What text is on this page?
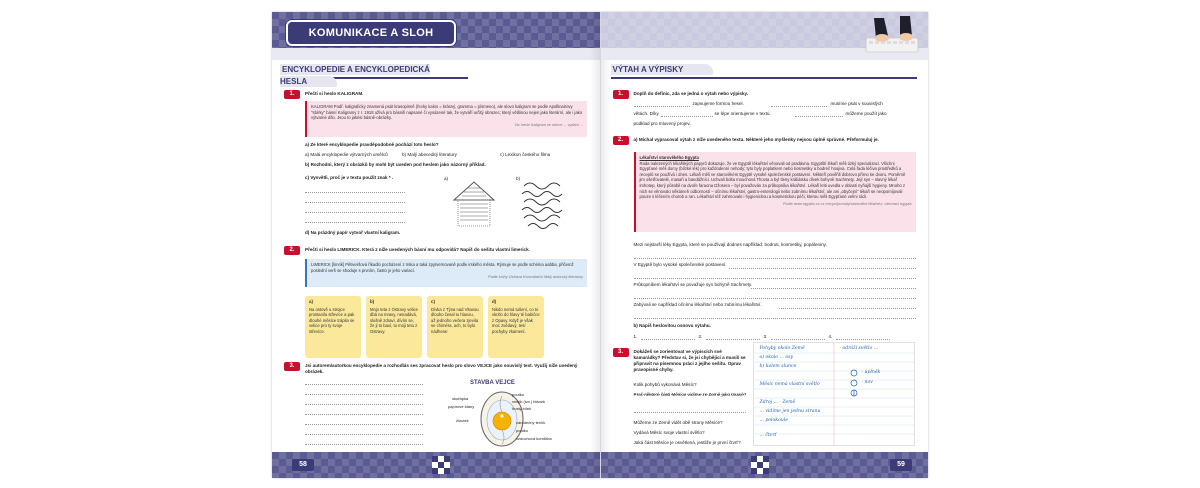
KOMUNIKACE A SLOH
ENCYKLOPEDIE A ENCYKLOPEDICKÁ HESLA
1.	Přečti si heslo KALIGRAM.
KALIGRAM Podř. kaligraficky znamená psát krasopisně (řecky kalos = krásný, gramma = písmeno), ale slovo kaligram se podle Apollinairovy "sbírky" básní Kaligramy z r. 1918 užívá pro básnifi napsané či vysázené tak, že vytváří určitý obrazec; který většinou nejen jako literární, ale i jako výtvarné dílo. Jsou to jakési básně-obrázky.
Viz heslo Kaligram ve sbírce ... vydání ...
a) Ze které encyklopedie pravděpodobně pochází toto heslo?
a) Malá encyklopedie výtvarných umělců	b) Malý abeceditý literatury	c) Lexikon českého filmu
b) Rozhodni, který z obrázků by mohl být uveden pod heslem jako názorný příklad.
c) Vysvětli, proč je v textu použit znak * .	a)	b)
d) Na prázdný papír vytvoř vlastní kaligram.
2.	Přečti si heslo LIMERICK. Která z níže uvedených básní mu odpovídá? Napiš do sešitu vlastní limerick.
LIMERICK [limrik] Pětiveršová říkadlo pocházení z Irska a taká zpytvernovaně podle irského města. Rýmuje se podle schéma aabba, přičemž poslední verš se shoduje s prvním, často je jeho variací.
Podle knihy Ostrava Konzultační Malý autorský literatury
a)
Na ostově u strojce prostanila střevíce a pak dlouhé měsíce trápila se velice pro ty svoje střevíce.
b)
Mojo teta z Ostravy velice dbá na mravy, nenadává, slušně zdraví, dívím se, že ji to baví, tu moji tetu z Ostravy.
c)
Dívka z Týna nad Vltavou dlouho česal tu hlavou, až jednoho večera zjevila se chiméra, ach, to bylo nádhera!
d)
Nikdo nemá tušení, co to vlezlo do hlavy té babičce z Opavy. Když je však moc zvědavý, tesí pochyby zkamení.
3.	Jsi autorem/autorkou encyklopedie a rozhodlás ses zpracovat heslo pro slovo VEJCE jako souvislý text. Využij níže uvedený obrázek.
STAVBA VEJCE
poutko
vnější (tzv.) blánek
husty bílek
skořápka
papírové blány
žloutek	zárodečný terčík
poutko
vzduchová komůrka
58
VÝTAH A VÝPISKY
1.	Doplň do definic, zda se jedná o výtah nebo výpisky.
zapsujeme formou hesel.	musíme psát v souvislých
větách. Díky	se lépe orientujeme v textu.	můžeme použít jako
podklad pro mluvený projev.
2.	a) Michal vypracoval výtah z níže uvedeného textu. Některé jeho myšlenky nejsou úplně správné. Přeformuluj je.
Lékařství starověkého Egypta
Rada nalezených lékařských papyrů dokazuje, že ve Egyptě lékařství věnovali od pradávna. Egyptští lékaři měli úzký specializaci. Všichni Egypťané měli domy (blízké lék) pro každodenní nehody; tyto byly poplatkem nebo kosmetiky a bodreč hnojiva. Celá řada léčiva prostředků a receptů se používá i dnes. Lékaři měli ve starověkém Egyptě vysoké společenské postavení. Někteří pověřili dobrovo přímo ke dvoru. Poměrně jim ošetřovatelé, masaři a bandážníci. Uchvali bolta mouchová Thovta a byl tleny králiátsku dívek bohyně Sachmety. Její syn – slavný lékař imhotep, který působil na dvoře faraona Džosera – byl považován za průkopníka lékařství. Lékaři kriti uvedla v oblasti nyňajší hygieny. Mnoho z nich se věnovalo někámeh odborností – očnímu lékařství, gastro-enterologii nebo zubnímu lékařství; ale ani „obyčejní" lékaři se neopomíjovali pouze s léčením chorob a ran. Lékařství též zahrnovalo i hygienickou a kosmetickou péči, kterou měli Egypťané velmi rádi.
Podle www.egyptis.cz.cz encycl/pomalý/starověké lékařství, otevírací egypta
Mezi nejstarší léky Egypta, které se používají dodnes například: bodruti, kosmetiky, popáleniny.
V Egyptě bylo vysoké společenské postavení.
Průkopníkem lékařství se považuje syn bohyně Sachmety.
Zabývali se například očnímu lékařství nebo zubnímu lékařství.
b) Napiš heslovitou osnovu výtahu.
1.	2.	3.	4.
3.	Dokážeš se zorientovat ve výpiscích své kamarádky? Představ si, že jsi chybějicí a musíš se připravit na písemnou práci z jejího sešitu. Oprav pravopisné chyby.
Kolik pohybů vykonává Měsíc?
Proč některé části Měsíce vidíme ze Země jako tmavé?
Můžeme ze Země vidět obě strany Měsíce?
Vydává Měsíc svoje vlastní světlo?
Jaká část Měsíce je osvětlená, jestliže je první čtvrť?
Pohyby okolo Země	- odráží světlo ...
a) okolo ... osy
b) kolem slunce
- úplněk
- nov
Měsíc nemá vlastní světlo
Zdroj ... - Země
... vidíme jen jednu stranu
... polokoule
... čtvrť
59
